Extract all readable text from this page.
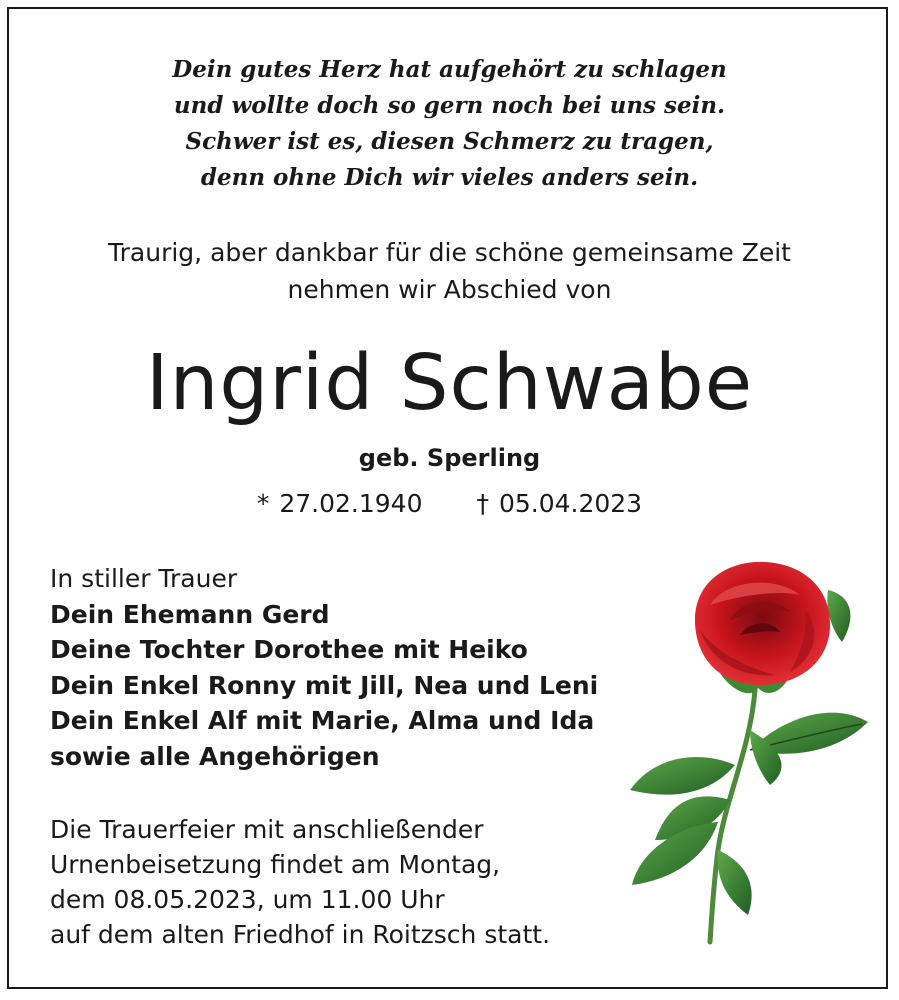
Dein gutes Herz hat aufgehört zu schlagen
und wollte doch so gern noch bei uns sein.
Schwer ist es, diesen Schmerz zu tragen,
denn ohne Dich wir vieles anders sein.
Traurig, aber dankbar für die schöne gemeinsame Zeit
nehmen wir Abschied von
Ingrid Schwabe
geb. Sperling
* 27.02.1940 † 05.04.2023
In stiller Trauer
Dein Ehemann Gerd
Deine Tochter Dorothee mit Heiko
Dein Enkel Ronny mit Jill, Nea und Leni
Dein Enkel Alf mit Marie, Alma und Ida
sowie alle Angehörigen
Die Trauerfeier mit anschließender
Urnenbeisetzung findet am Montag,
dem 08.05.2023, um 11.00 Uhr
auf dem alten Friedhof in Roitzsch statt.
